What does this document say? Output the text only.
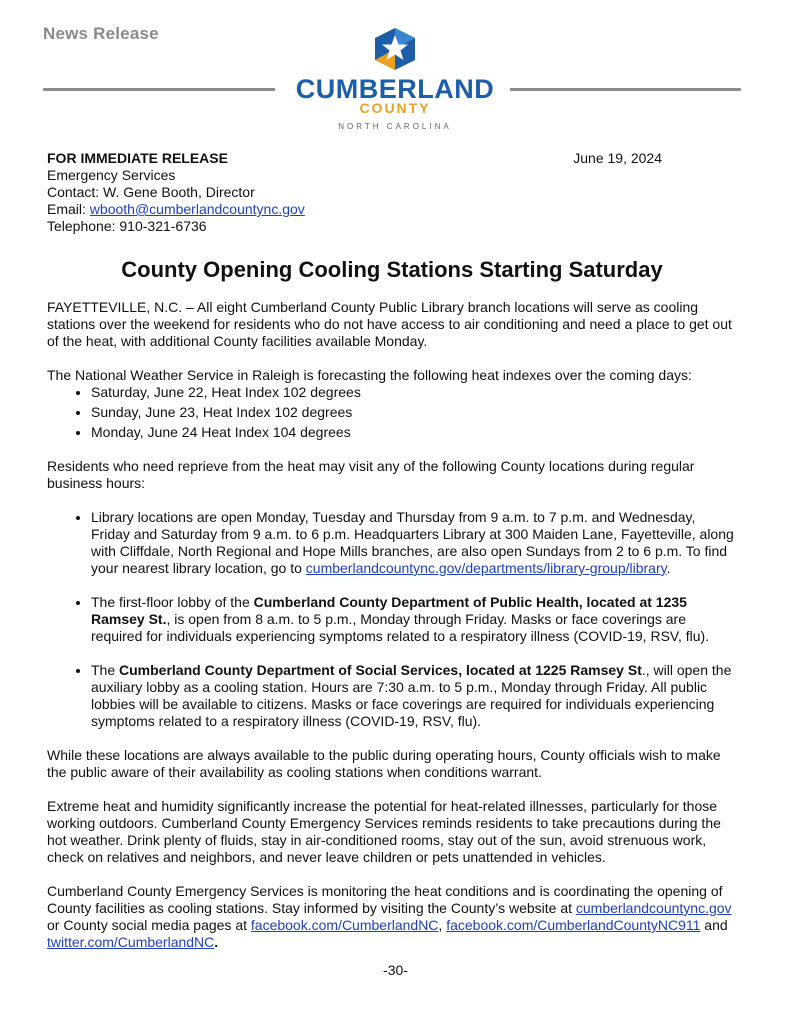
News Release
CUMBERLAND
COUNTY
NORTH CAROLINA
FOR IMMEDIATE RELEASE	June 19, 2024
Emergency Services
Contact: W. Gene Booth, Director
Email: wbooth@cumberlandcountync.gov
Telephone: 910-321-6736
County Opening Cooling Stations Starting Saturday

FAYETTEVILLE, N.C. – All eight Cumberland County Public Library branch locations will serve as cooling stations over the weekend for residents who do not have access to air conditioning and need a place to get out of the heat, with additional County facilities available Monday.

The National Weather Service in Raleigh is forecasting the following heat indexes over the coming days:
• Saturday, June 22, Heat Index 102 degrees
• Sunday, June 23, Heat Index 102 degrees
• Monday, June 24 Heat Index 104 degrees

Residents who need reprieve from the heat may visit any of the following County locations during regular business hours:

• Library locations are open Monday, Tuesday and Thursday from 9 a.m. to 7 p.m. and Wednesday, Friday and Saturday from 9 a.m. to 6 p.m. Headquarters Library at 300 Maiden Lane, Fayetteville, along with Cliffdale, North Regional and Hope Mills branches, are also open Sundays from 2 to 6 p.m. To find your nearest library location, go to cumberlandcountync.gov/departments/library-group/library.
• The first-floor lobby of the Cumberland County Department of Public Health, located at 1235 Ramsey St., is open from 8 a.m. to 5 p.m., Monday through Friday. Masks or face coverings are required for individuals experiencing symptoms related to a respiratory illness (COVID-19, RSV, flu).
• The Cumberland County Department of Social Services, located at 1225 Ramsey St., will open the auxiliary lobby as a cooling station. Hours are 7:30 a.m. to 5 p.m., Monday through Friday. All public lobbies will be available to citizens. Masks or face coverings are required for individuals experiencing symptoms related to a respiratory illness (COVID-19, RSV, flu).

While these locations are always available to the public during operating hours, County officials wish to make the public aware of their availability as cooling stations when conditions warrant.

Extreme heat and humidity significantly increase the potential for heat-related illnesses, particularly for those working outdoors. Cumberland County Emergency Services reminds residents to take precautions during the hot weather. Drink plenty of fluids, stay in air-conditioned rooms, stay out of the sun, avoid strenuous work, check on relatives and neighbors, and never leave children or pets unattended in vehicles.

Cumberland County Emergency Services is monitoring the heat conditions and is coordinating the opening of County facilities as cooling stations. Stay informed by visiting the County’s website at cumberlandcountync.gov or County social media pages at facebook.com/CumberlandNC, facebook.com/CumberlandCountyNC911 and twitter.com/CumberlandNC.

-30-
